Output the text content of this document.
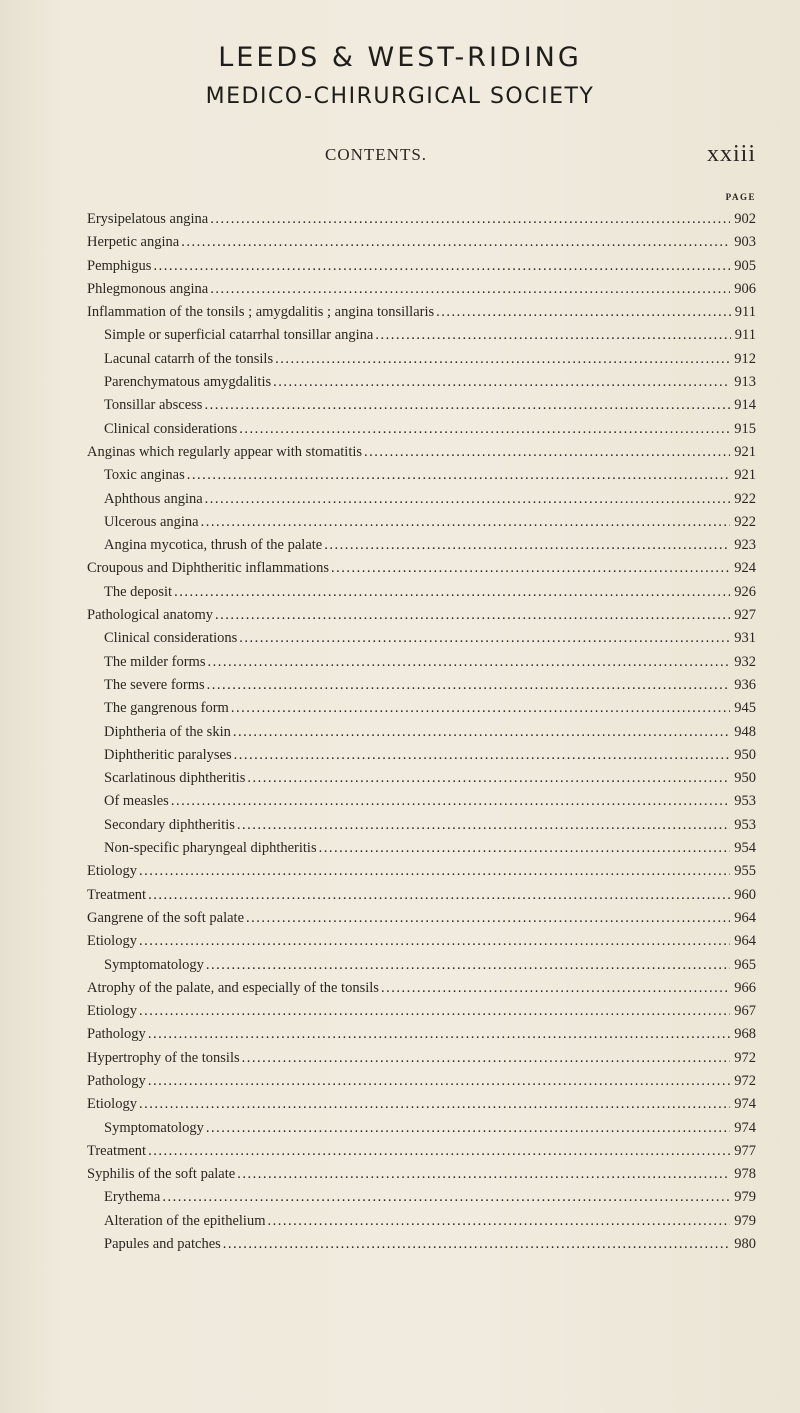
LEEDS & WEST-RIDING
MEDICO-CHIRURGICAL SOCIETY
CONTENTS.	xxiii
PAGE
Erysipelatous angina .....	902
Herpetic angina .....	903
Pemphigus .....	905
Phlegmonous angina .....	906
Inflammation of the tonsils ; amygdalitis ; angina tonsillaris .....	911
Simple or superficial catarrhal tonsillar angina .....	911
Lacunal catarrh of the tonsils .....	912
Parenchymatous amygdalitis .....	913
Tonsillar abscess .....	914
Clinical considerations .....	915
Anginas which regularly appear with stomatitis .....	921
Toxic anginas .....	921
Aphthous angina .....	922
Ulcerous angina .....	922
Angina mycotica, thrush of the palate .....	923
Croupous and Diphtheritic inflammations .....	924
The deposit .....	926
Pathological anatomy .....	927
Clinical considerations .....	931
The milder forms .....	932
The severe forms .....	936
The gangrenous form .....	945
Diphtheria of the skin .....	948
Diphtheritic paralyses .....	950
Scarlatinous diphtheritis .....	950
Of measles .....	953
Secondary diphtheritis .....	953
Non-specific pharyngeal diphtheritis .....	954
Etiology .....	955
Treatment .....	960
Gangrene of the soft palate .....	964
Etiology .....	964
Symptomatology .....	965
Atrophy of the palate, and especially of the tonsils .....	966
Etiology .....	967
Pathology .....	968
Hypertrophy of the tonsils .....	972
Pathology .....	972
Etiology .....	974
Symptomatology .....	974
Treatment .....	977
Syphilis of the soft palate .....	978
Erythema .....	979
Alteration of the epithelium .....	979
Papules and patches .....	980
